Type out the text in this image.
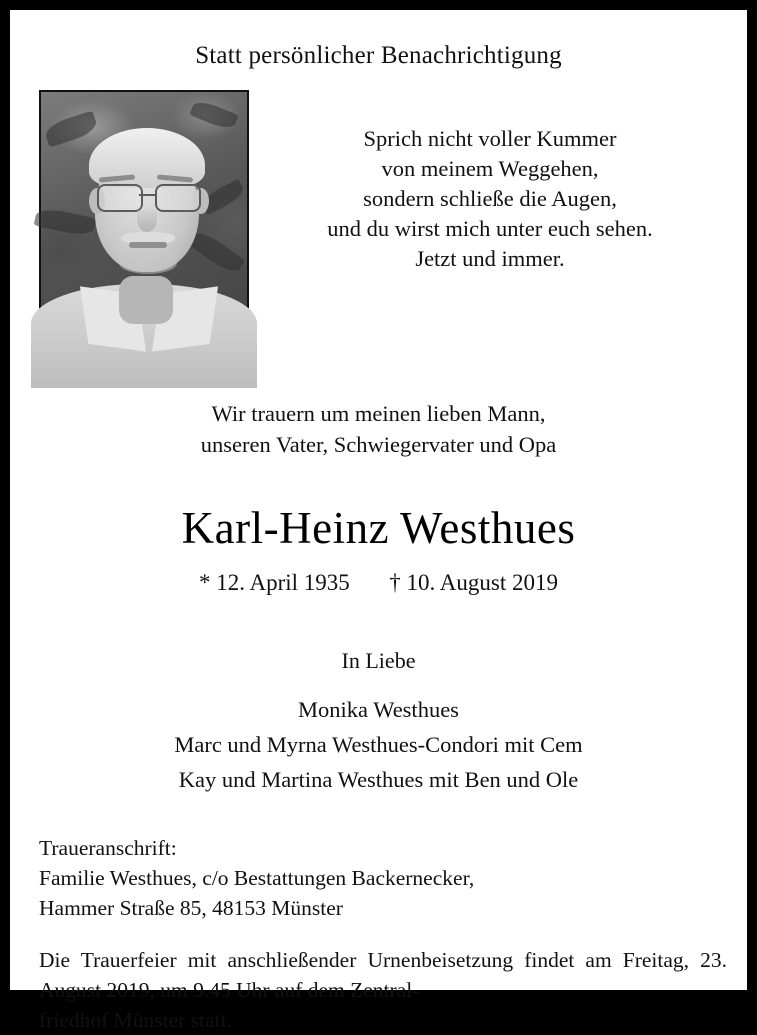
Statt persönlicher Benachrichtigung
Sprich nicht voller Kummer
von meinem Weggehen,
sondern schließe die Augen,
und du wirst mich unter euch sehen.
Jetzt und immer.
Wir trauern um meinen lieben Mann,
unseren Vater, Schwiegervater und Opa
Karl-Heinz Westhues
* 12. April 1935 † 10. August 2019
In Liebe
Monika Westhues
Marc und Myrna Westhues-Condori mit Cem
Kay und Martina Westhues mit Ben und Ole
Traueranschrift:
Familie Westhues, c/o Bestattungen Backernecker,
Hammer Straße 85, 48153 Münster
Die Trauerfeier mit anschließender Urnenbeisetzung findet am Freitag, 23. August 2019, um 9.45 Uhr auf dem Zentral-
friedhof Münster statt.
